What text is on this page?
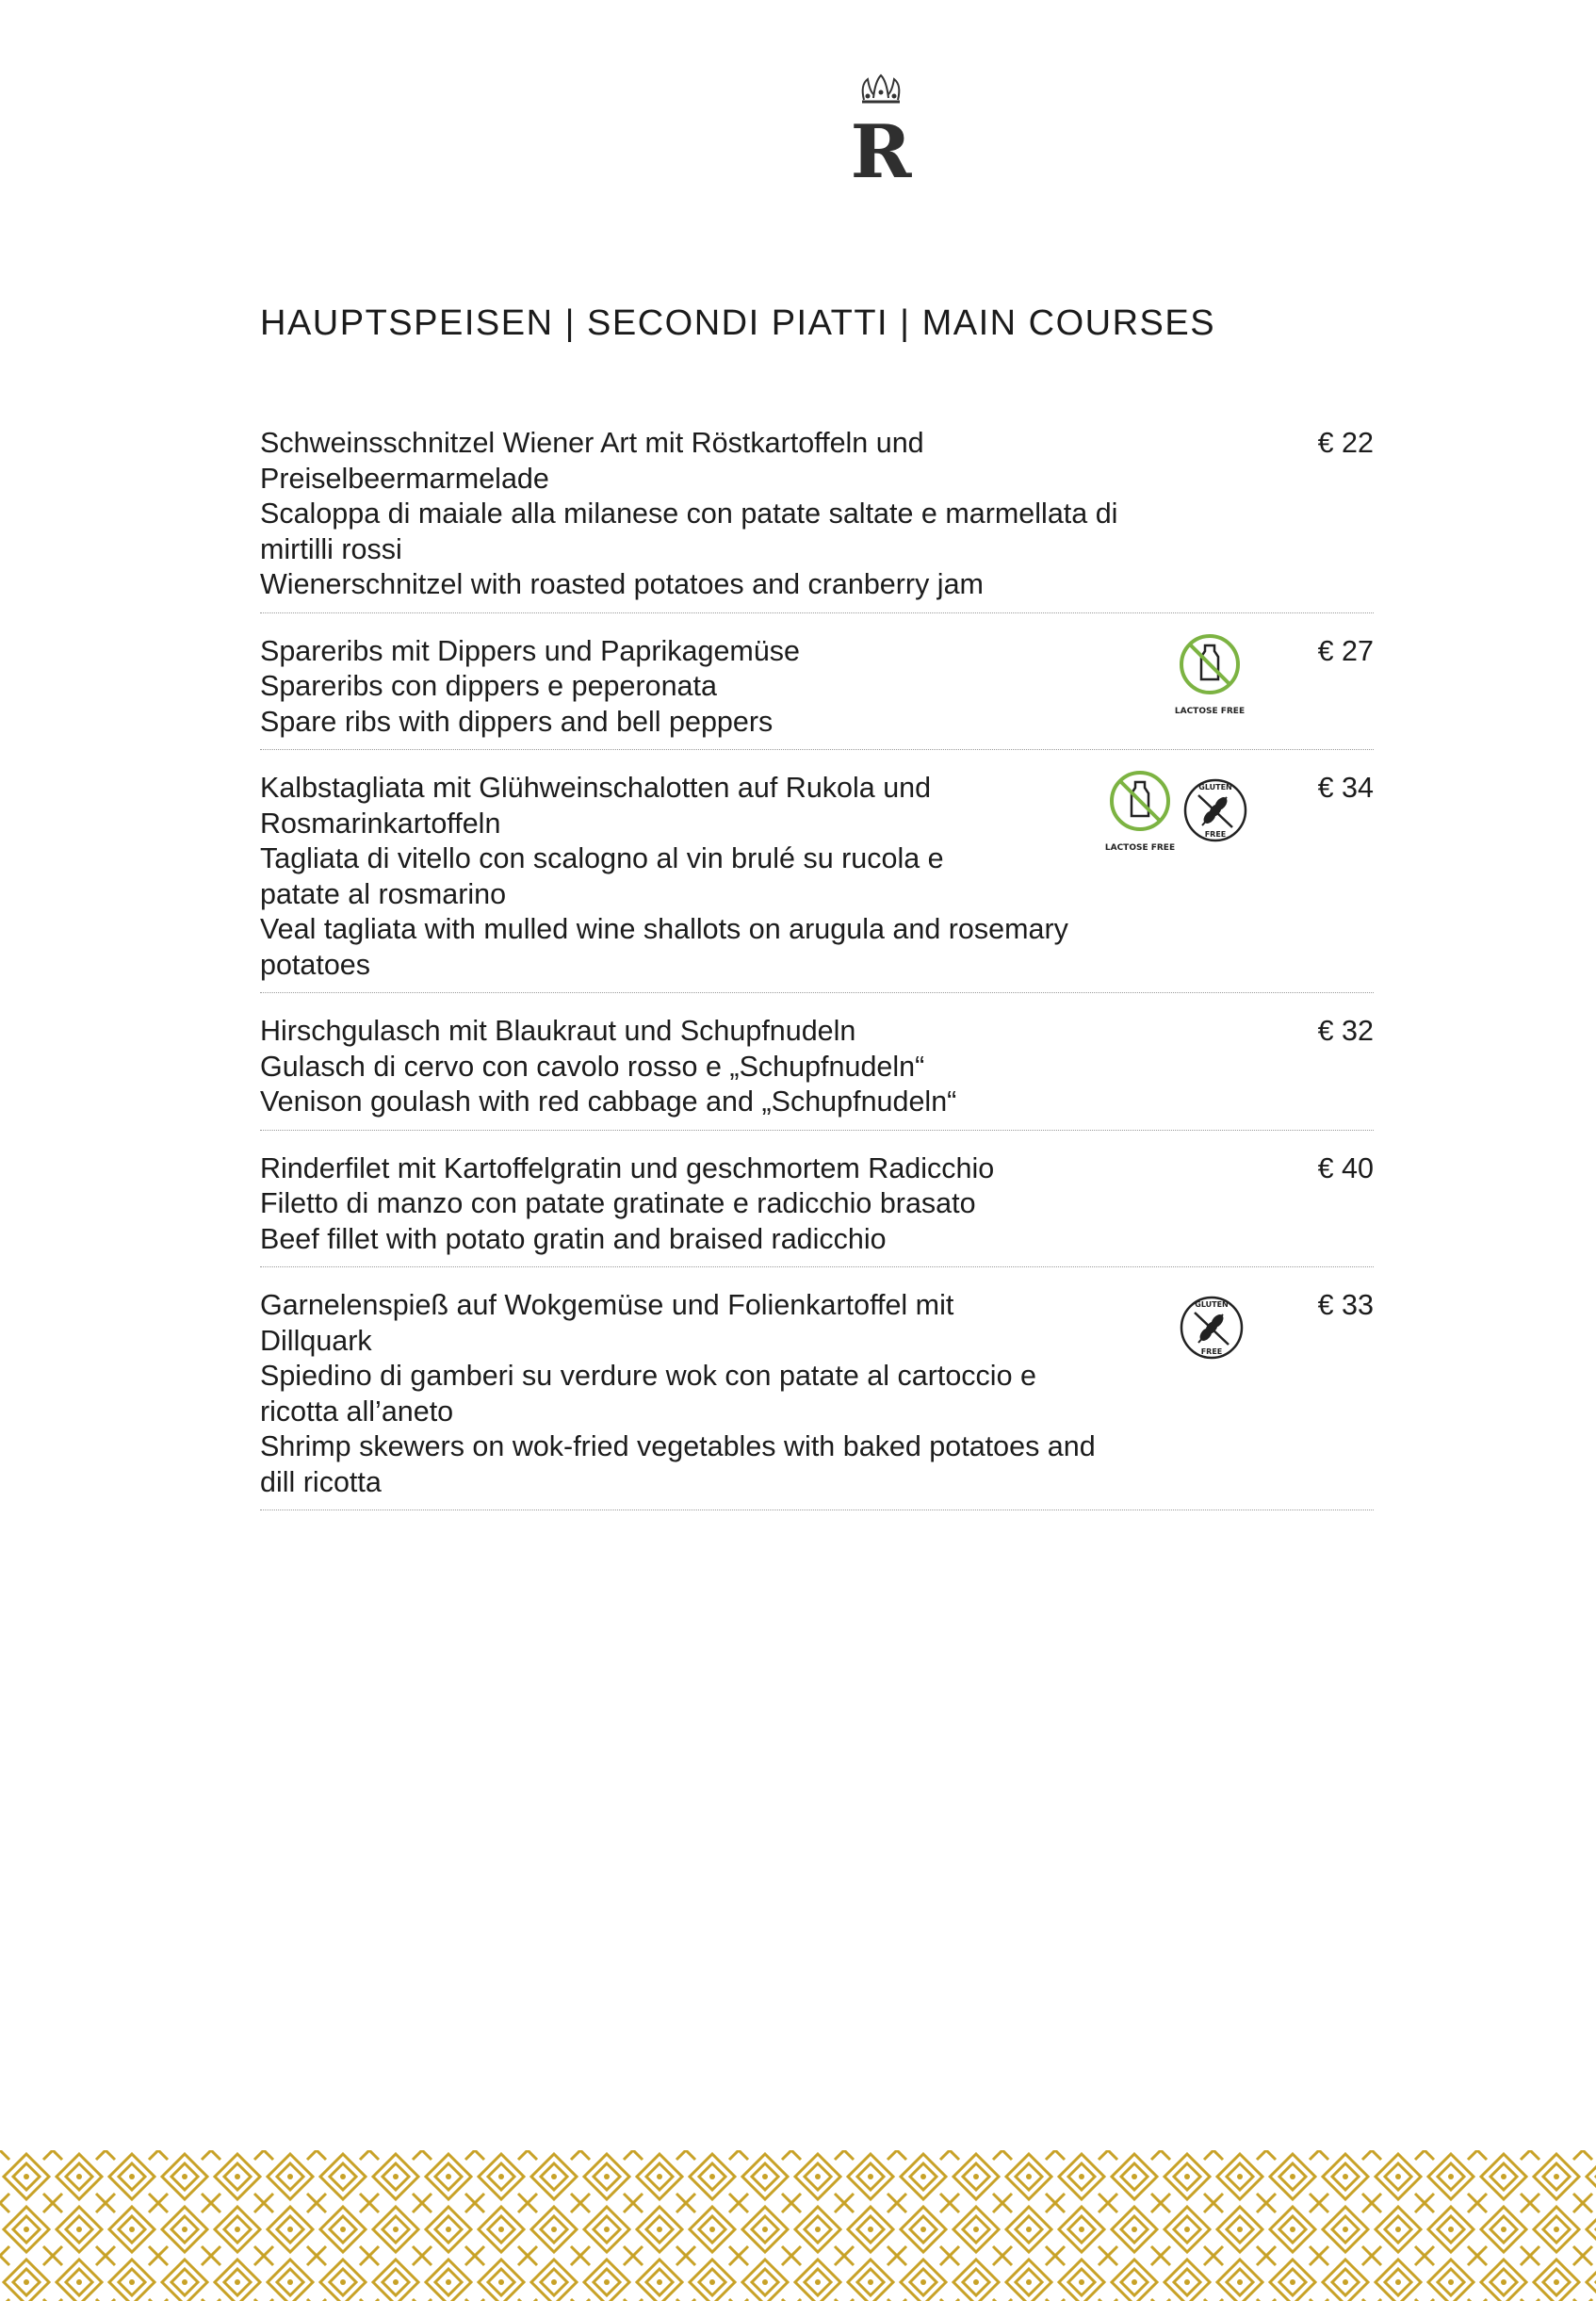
R
HAUPTSPEISEN | SECONDI PIATTI | MAIN COURSES
Schweinsschnitzel Wiener Art mit Röstkartoffeln und
Preiselbeermarmelade
Scaloppa di maiale alla milanese con patate saltate e marmellata di
mirtilli rossi
Wienerschnitzel with roasted potatoes and cranberry jam
€ 22
Spareribs mit Dippers und Paprikagemüse
Spareribs con dippers e peperonata
Spare ribs with dippers and bell peppers	LACTOSE FREE
€ 27
Kalbstagliata mit Glühweinschalotten auf Rukola und
Rosmarinkartoffeln
Tagliata di vitello con scalogno al vin brulé su rucola e
patate al rosmarino
Veal tagliata with mulled wine shallots on arugula and rosemary
potatoes
LACTOSE FREE
GLUTEN
FREE
€ 34
Hirschgulasch mit Blaukraut und Schupfnudeln
Gulasch di cervo con cavolo rosso e „Schupfnudeln“
Venison goulash with red cabbage and „Schupfnudeln“
€ 32
Rinderfilet mit Kartoffelgratin und geschmortem Radicchio
Filetto di manzo con patate gratinate e radicchio brasato
Beef fillet with potato gratin and braised radicchio
€ 40
Garnelenspieß auf Wokgemüse und Folienkartoffel mit
Dillquark
Spiedino di gamberi su verdure wok con patate al cartoccio e
ricotta all’aneto
Shrimp skewers on wok-fried vegetables with baked potatoes and
dill ricotta
GLUTEN
FREE
€ 33
